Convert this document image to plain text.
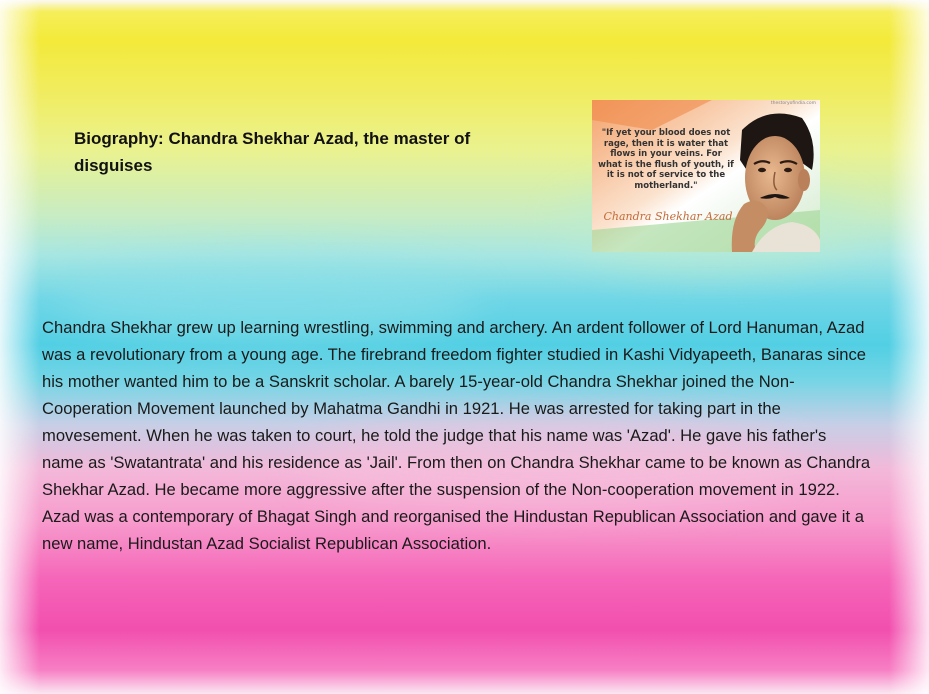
Biography: Chandra Shekhar Azad, the master of disguises

thestoryofindia.com

"If yet your blood does not rage, then it is water that flows in your veins. For what is the flush of youth, if it is not of service to the motherland."

Chandra Shekhar Azad

Chandra Shekhar grew up learning wrestling, swimming and archery. An ardent follower of Lord Hanuman, Azad was a revolutionary from a young age. The firebrand freedom fighter studied in Kashi Vidyapeeth, Banaras since his mother wanted him to be a Sanskrit scholar. A barely 15-year-old Chandra Shekhar joined the Non-Cooperation Movement launched by Mahatma Gandhi in 1921. He was arrested for taking part in the movesement. When he was taken to court, he told the judge that his name was 'Azad'. He gave his father's name as 'Swatantrata' and his residence as 'Jail'. From then on Chandra Shekhar came to be known as Chandra Shekhar Azad. He became more aggressive after the suspension of the Non-cooperation movement in 1922. Azad was a contemporary of Bhagat Singh and reorganised the Hindustan Republican Association and gave it a new name, Hindustan Azad Socialist Republican Association.
